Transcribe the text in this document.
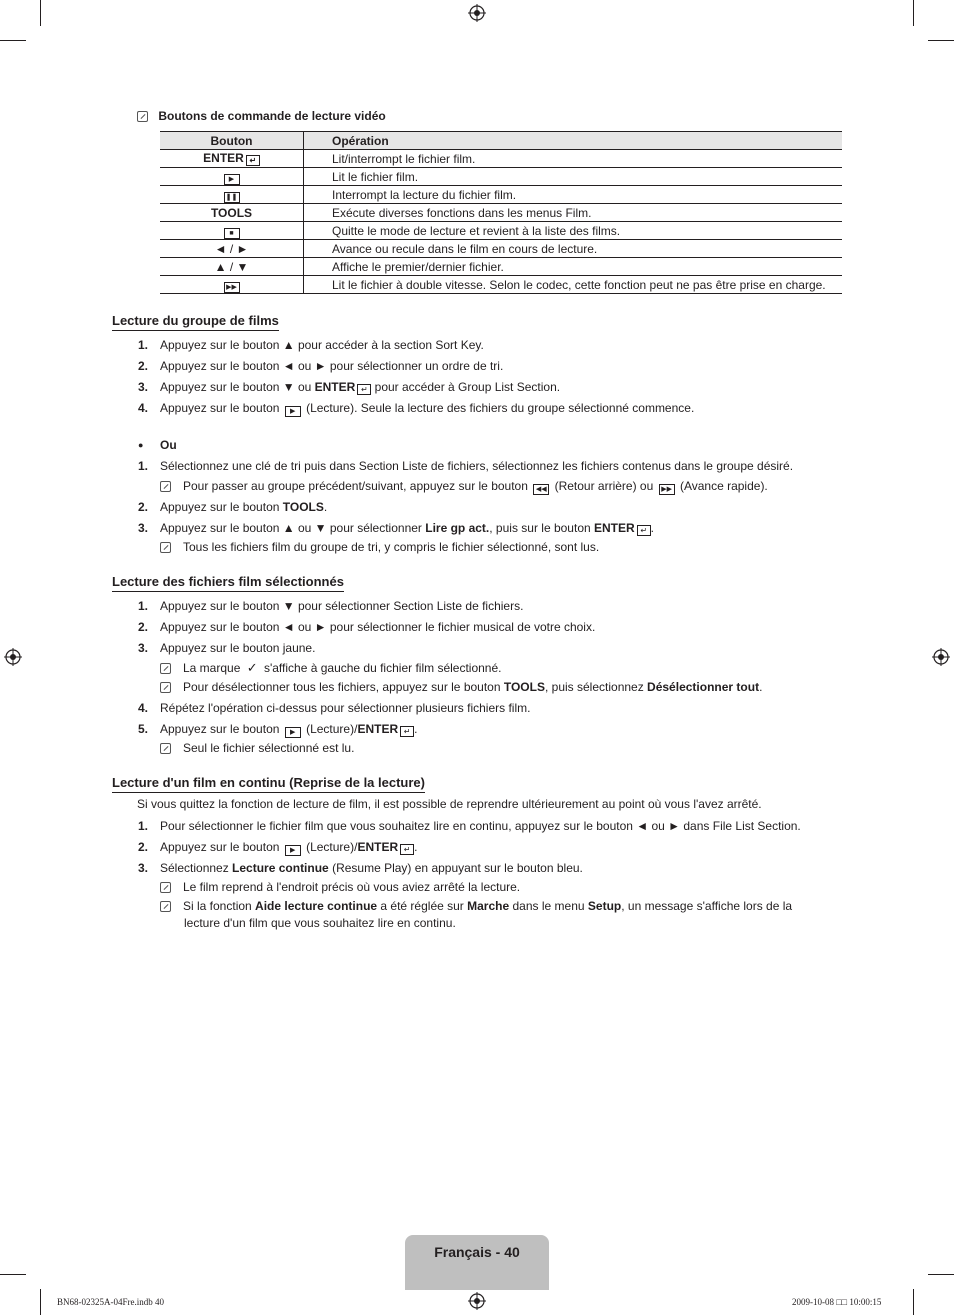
Boutons de commande de lecture vidéo
Bouton	Opération
ENTER ↵	Lit/interrompt le fichier film.
▶	Lit le fichier film.
❚❚	Interrompt la lecture du fichier film.
TOOLS	Exécute diverses fonctions dans les menus Film.
■	Quitte le mode de lecture et revient à la liste des films.
◄ / ►	Avance ou recule dans le film en cours de lecture.
▲ / ▼	Affiche le premier/dernier fichier.
▶▶	Lit le fichier à double vitesse. Selon le codec, cette fonction peut ne pas être prise en charge.
Lecture du groupe de films
1. Appuyez sur le bouton ▲ pour accéder à la section Sort Key.
2. Appuyez sur le bouton ◄ ou ► pour sélectionner un ordre de tri.
3. Appuyez sur le bouton ▼ ou ENTER ↵ pour accéder à Group List Section.
4. Appuyez sur le bouton ▶ (Lecture). Seule la lecture des fichiers du groupe sélectionné commence.
● Ou
1. Sélectionnez une clé de tri puis dans Section Liste de fichiers, sélectionnez les fichiers contenus dans le groupe désiré.
Pour passer au groupe précédent/suivant, appuyez sur le bouton ◀◀ (Retour arrière) ou ▶▶ (Avance rapide).
2. Appuyez sur le bouton TOOLS.
3. Appuyez sur le bouton ▲ ou ▼ pour sélectionner Lire gp act., puis sur le bouton ENTER ↵ .
Tous les fichiers film du groupe de tri, y compris le fichier sélectionné, sont lus.
Lecture des fichiers film sélectionnés
1. Appuyez sur le bouton ▼ pour sélectionner Section Liste de fichiers.
2. Appuyez sur le bouton ◄ ou ► pour sélectionner le fichier musical de votre choix.
3. Appuyez sur le bouton jaune.
La marque ✓ s'affiche à gauche du fichier film sélectionné.
Pour désélectionner tous les fichiers, appuyez sur le bouton TOOLS, puis sélectionnez Désélectionner tout.
4. Répétez l'opération ci-dessus pour sélectionner plusieurs fichiers film.
5. Appuyez sur le bouton ▶ (Lecture)/ENTER ↵ .
Seul le fichier sélectionné est lu.
Lecture d'un film en continu (Reprise de la lecture)
Si vous quittez la fonction de lecture de film, il est possible de reprendre ultérieurement au point où vous l'avez arrêté.
1. Pour sélectionner le fichier film que vous souhaitez lire en continu, appuyez sur le bouton ◄ ou ► dans File List Section.
2. Appuyez sur le bouton ▶ (Lecture)/ENTER ↵ .
3. Sélectionnez Lecture continue (Resume Play) en appuyant sur le bouton bleu.
Le film reprend à l'endroit précis où vous aviez arrêté la lecture.
Si la fonction Aide lecture continue a été réglée sur Marche dans le menu Setup, un message s'affiche lors de la
lecture d'un film que vous souhaitez lire en continu.
Français - 40
BN68-02325A-04Fre.indb 40	2009-10-08 □□ 10:00:15
